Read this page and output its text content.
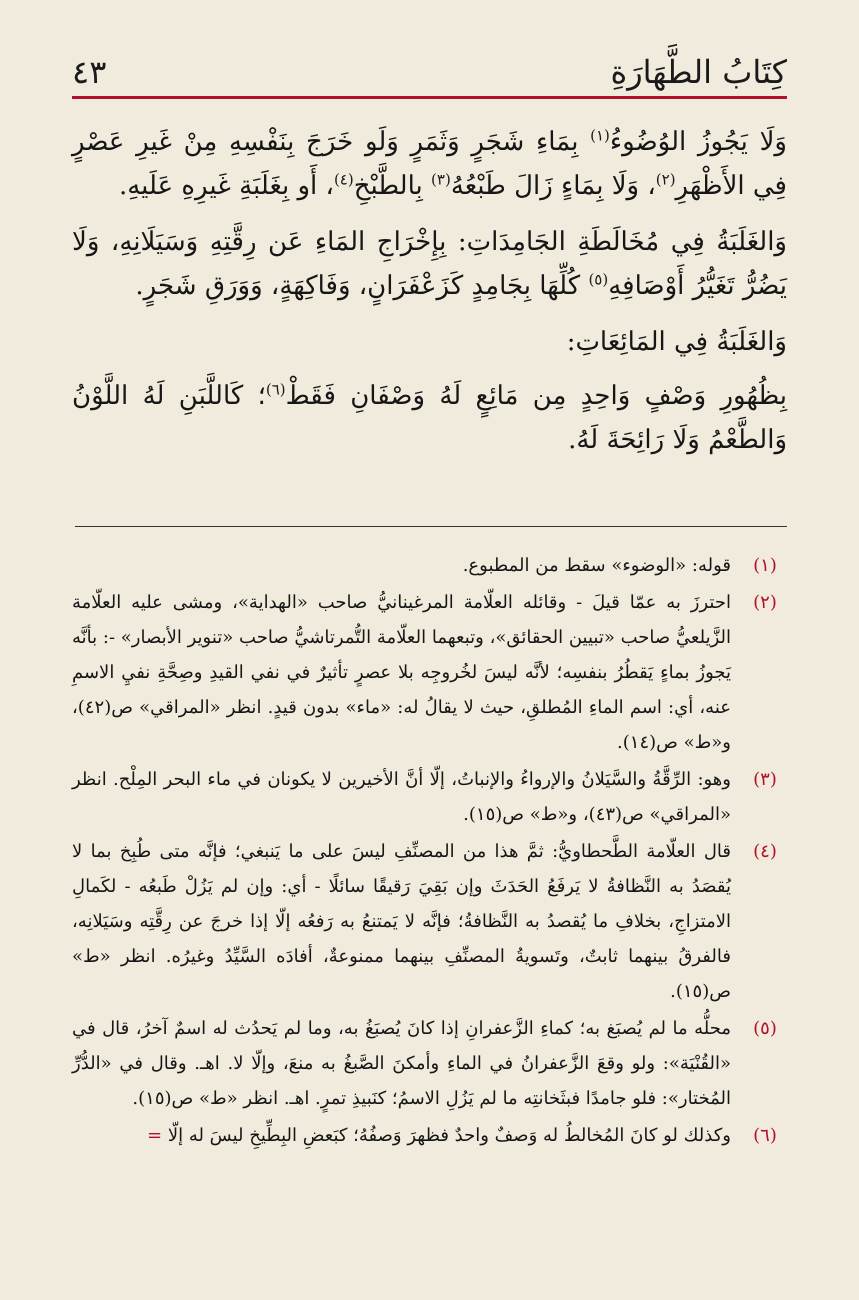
كِتَابُ الطَّهَارَةِ
٤٣

وَلَا يَجُوزُ الوُضُوءُ$^{(١)}$ بِمَاءِ شَجَرٍ وَثَمَرٍ وَلَو خَرَجَ بِنَفْسِهِ مِنْ غَيرِ عَصْرٍ فِي الأَظْهَرِ$^{(٢)}$، وَلَا بِمَاءٍ زَالَ طَبْعُهُ$^{(٣)}$ بِالطَّبْخِ$^{(٤)}$، أَو بِغَلَبَةِ غَيرِهِ عَلَيهِ.

وَالغَلَبَةُ فِي مُخَالَطَةِ الجَامِدَاتِ: بِإِخْرَاجِ المَاءِ عَن رِقَّتِهِ وَسَيَلَانِهِ، وَلَا يَضُرُّ تَغَيُّرُ أَوْصَافِهِ$^{(٥)}$ كُلِّهَا بِجَامِدٍ كَزَعْفَرَانٍ، وَفَاكِهَةٍ، وَوَرَقِ شَجَرٍ.

وَالغَلَبَةُ فِي المَائِعَاتِ:

بِظُهُورِ وَصْفٍ وَاحِدٍ مِن مَائِعٍ لَهُ وَصْفَانِ فَقَطْ$^{(٦)}$؛ كَاللَّبَنِ لَهُ اللَّوْنُ وَالطَّعْمُ وَلَا رَائِحَةَ لَهُ.

(١)
قوله: «الوضوء» سقط من المطبوع.
(٢)
احترزَ به عمّا قيلَ - وقائله العلّامة المرغينانيُّ صاحب «الهداية»، ومشى عليه العلّامة الزَّيلعيُّ صاحب «تبيين الحقائق»، وتبعهما العلّامة التُّمرتاشيُّ صاحب «تنوير الأبصار» -: بأنَّه يَجوزُ بماءٍ يَقطُرُ بنفسِه؛ لأنَّه ليسَ لخُروجِه بلا عصرٍ تأثيرٌ في نفي القيدِ وصِحَّةِ نفيِ الاسمِ عنه، أي: اسم الماءِ المُطلقِ، حيث لا يقالُ له: «ماء» بدون قيدٍ. انظر «المراقي» ص(٤٢)، و«ط» ص(١٤).
(٣)
وهو: الرِّقَّةُ والسَّيَلانُ والإرواءُ والإنباتُ، إلّا أنَّ الأخيرين لا يكونان في ماء البحر المِلْح. انظر «المراقي» ص(٤٣)، و«ط» ص(١٥).
(٤)
قال العلّامة الطَّحطاويُّ: ثمَّ هذا من المصنِّفِ ليسَ على ما يَنبغي؛ فإنَّه متى طُبِخ بما لا يُقصَدُ به النَّظافةُ لا يَرفَعُ الحَدَثَ وإن بَقِيَ رَقيقًا سائلًا - أي: وإن لم يَزُلْ طَبعُه - لكَمالِ الامتزاجِ، بخلافِ ما يُقصدُ به النَّظافةُ؛ فإنَّه لا يَمتنعُ به رَفعُه إلّا إذا خرجَ عن رِقَّتِه وسَيَلانِه، فالفرقُ بينهما ثابتٌ، وتَسويةُ المصنِّفِ بينهما ممنوعةٌ، أفادَه السَّيِّدُ وغيرُه. انظر «ط» ص(١٥).
(٥)
محلُّه ما لم يُصبَغ به؛ كماءِ الزَّعفرانِ إذا كانَ يُصبَغُ به، وما لم يَحدُث له اسمٌ آخرُ، قال في «القُنْيَة»: ولو وقعَ الزَّعفرانُ في الماءِ وأمكنَ الصَّبغُ به منعَ، وإلّا لا. اهـ. وقال في «الدُّرِّ المُختار»: فلو جامدًا فبثَخانتِه ما لم يَزُلِ الاسمُ؛ كنَبيذِ تمرٍ. اهـ. انظر «ط» ص(١٥).
(٦)
وكذلك لو كانَ المُخالطُ له وَصفٌ واحدٌ فظهرَ وَصفُهُ؛ كبَعضِ البِطِّيخِ ليسَ له إلّا =
